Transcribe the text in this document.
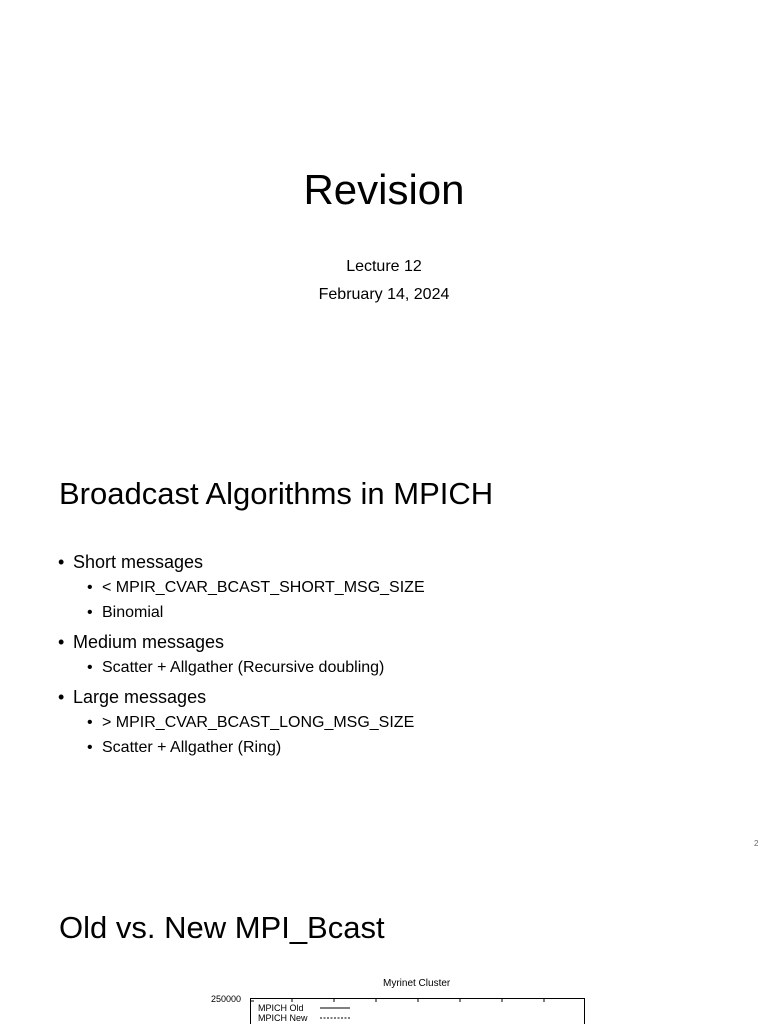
Revision
Lecture 12
February 14, 2024
Broadcast Algorithms in MPICH
• Short messages
• < MPIR_CVAR_BCAST_SHORT_MSG_SIZE
• Binomial
• Medium messages
• Scatter + Allgather (Recursive doubling)
• Large messages
• > MPIR_CVAR_BCAST_LONG_MSG_SIZE
• Scatter + Allgather (Ring)
2
Old vs. New MPI_Bcast
Myrinet Cluster
250000
MPICH Old
MPICH New
